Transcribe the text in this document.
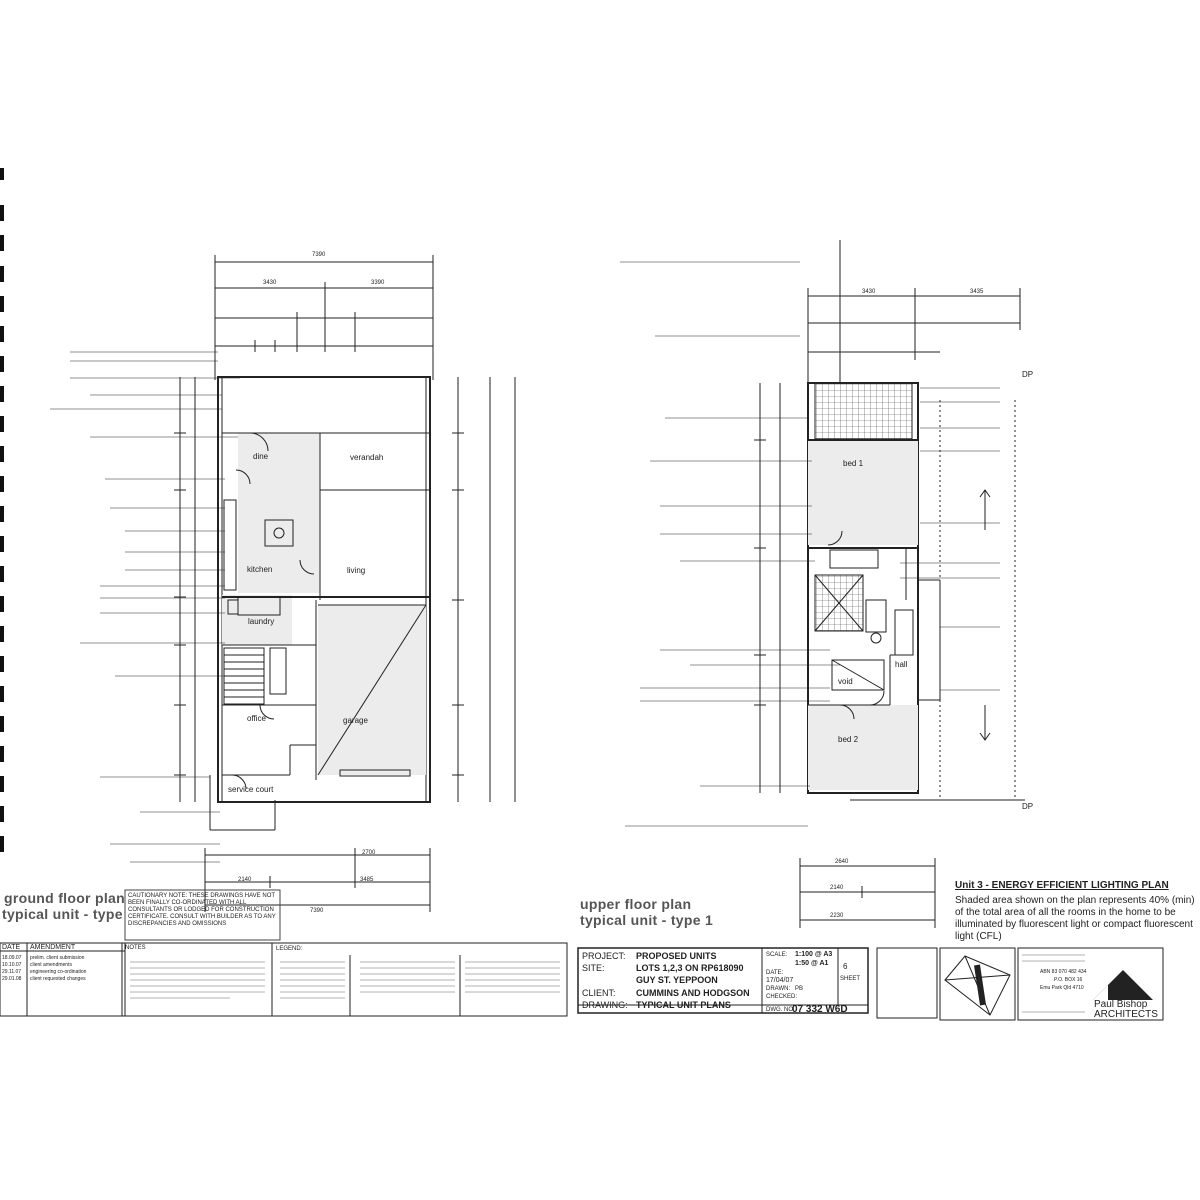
7390
3430	3390
dine	verandah
kitchen	living
laundry
office	garage
service court
2700
2140	3485
7390
ground floor plan
typical unit - type
CAUTIONARY NOTE: THESE DRAWINGS HAVE NOT BEEN FINALLY CO-ORDINATED WITH ALL CONSULTANTS OR LODGED FOR CONSTRUCTION CERTIFICATE. CONSULT WITH BUILDER AS TO ANY DISCREPANCIES AND OMISSIONS
3430	3435
bed 1
hall
void
bed 2
DP
DP
2640
2140
2230
upper floor plan
typical unit - type 1
Unit 3 - ENERGY EFFICIENT LIGHTING PLAN
Shaded area shown on the plan represents 40% (min) of the total area of all the rooms in the home to be illuminated by fluorescent light or compact fluorescent light (CFL)
DATE AMENDMENT
18.09.07 prelim. client submission
10.10.07 client amendments
29.11.07 engineering co-ordination
29.01.08 client requested changes
NOTES	LEGEND:
PROJECT: PROPOSED UNITS
SITE:	LOTS 1,2,3 ON RP618090
GUY ST. YEPPOON
CLIENT: CUMMINS AND HODGSON
DRAWING: TYPICAL UNIT PLANS
SCALE: 1:100 @ A3
1:50 @ A1
DATE:
17/04/07
DRAWN: PB
CHECKED:
6
SHEET
DWG. NO.
07 332 W6D
ABN 83 070 482 434
P.O. BOX 16
Emu Park Qld 4710
Paul Bishop
ARCHITECTS
